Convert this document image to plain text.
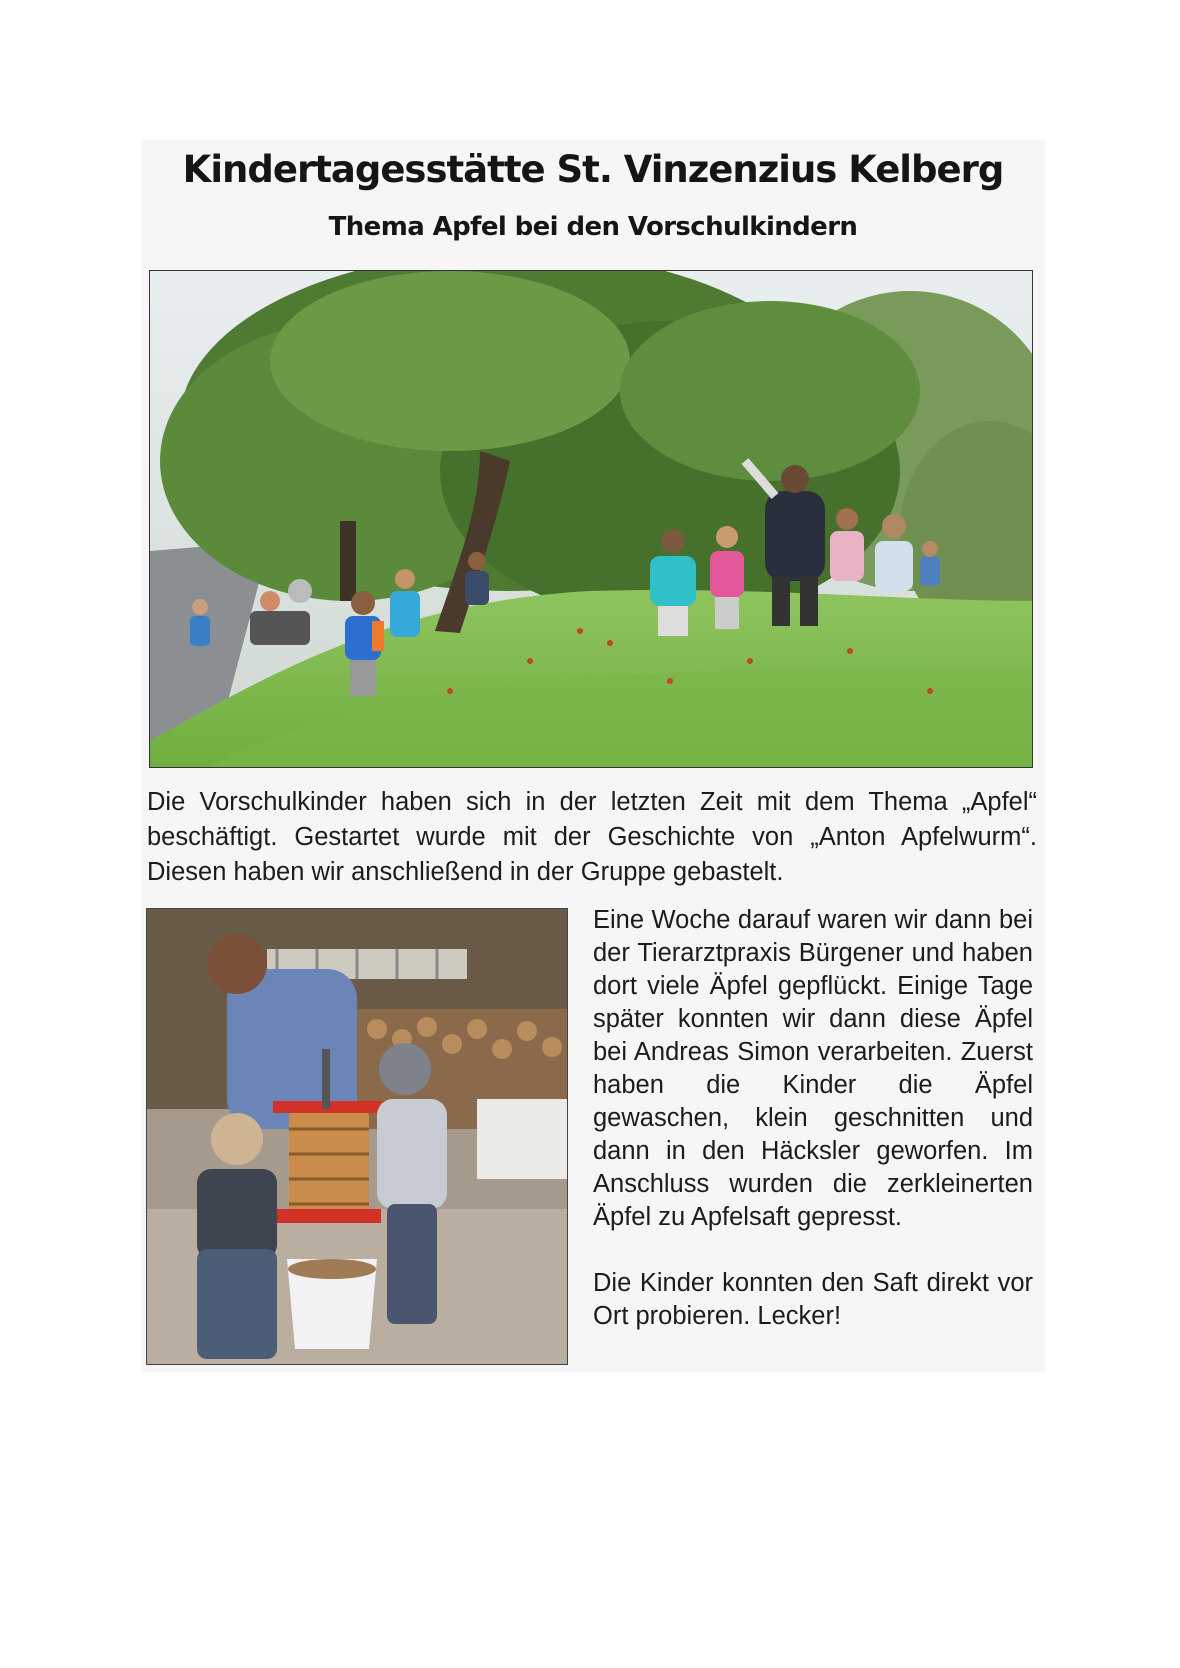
Kindertagesstätte St. Vinzenzius Kelberg
Thema Apfel bei den Vorschulkindern
Die Vorschulkinder haben sich in der letzten Zeit mit dem Thema „Apfel“ beschäftigt. Gestartet wurde mit der Geschichte von „Anton Apfelwurm“. Diesen haben wir anschließend in der Gruppe gebastelt.

Eine Woche darauf waren wir dann bei der Tierarztpraxis Bürgener und haben dort viele Äpfel gepflückt. Einige Tage später konnten wir dann diese Äpfel bei Andreas Simon verarbeiten. Zuerst haben die Kinder die Äpfel gewaschen, klein geschnitten und dann in den Häcksler geworfen. Im Anschluss wurden die zerkleinerten Äpfel zu Apfelsaft gepresst.

Die Kinder konnten den Saft direkt vor Ort probieren. Lecker!
